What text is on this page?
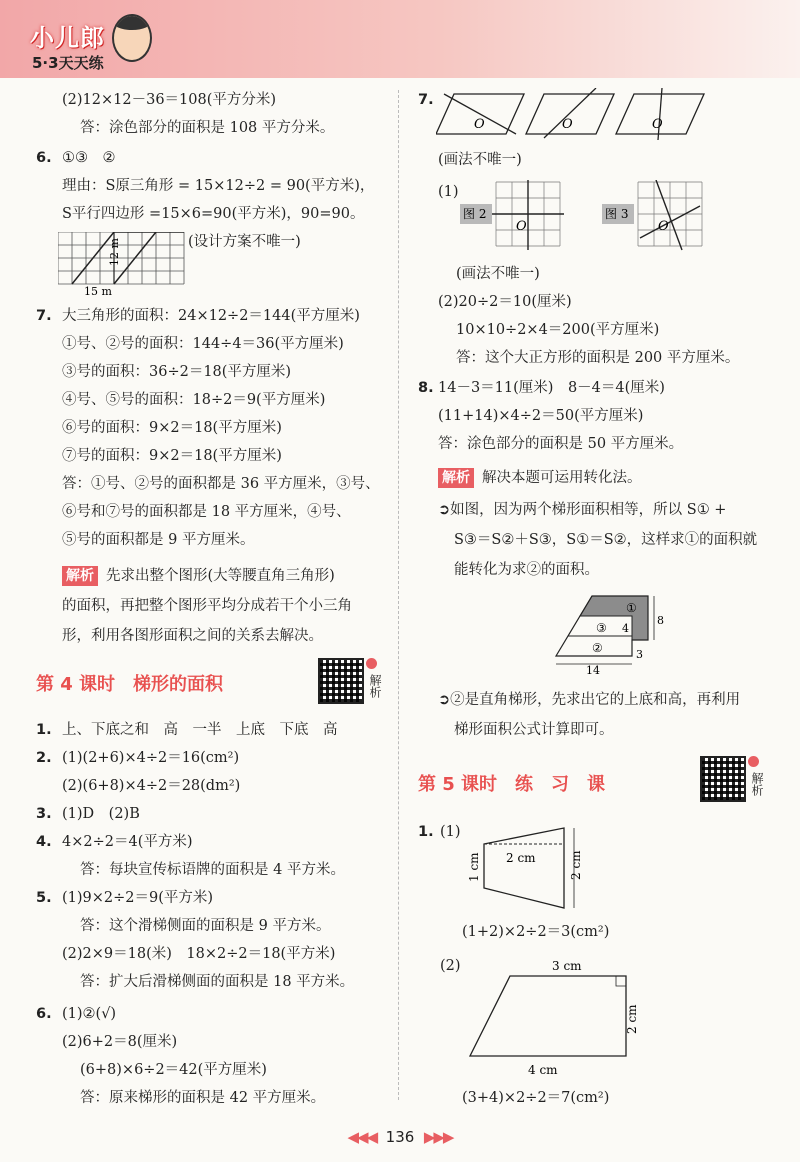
小儿郎
5·3天天练
(2)12×12－36＝108(平方分米)
答：涂色部分的面积是 108 平方分米。
6. ①③　②
理由：S原三角形 = 15×12÷2 = 90(平方米)，
S平行四边形 =15×6=90(平方米)，90=90。
12 m
15 m
(设计方案不唯一)
7. 大三角形的面积：24×12÷2＝144(平方厘米)
①号、②号的面积：144÷4＝36(平方厘米)
③号的面积：36÷2＝18(平方厘米)
④号、⑤号的面积：18÷2＝9(平方厘米)
⑥号的面积：9×2＝18(平方厘米)
⑦号的面积：9×2＝18(平方厘米)
答：①号、②号的面积都是 36 平方厘米，③号、
⑥号和⑦号的面积都是 18 平方厘米，④号、
⑤号的面积都是 9 平方厘米。
解析 先求出整个图形(大等腰直角三角形)
的面积，再把整个图形平均分成若干个小三角
形，利用各图形面积之间的关系去解决。
第 4 课时　梯形的面积	解析
1. 上、下底之和　高　一半　上底　下底　高
2. (1)(2+6)×4÷2＝16(cm²)
(2)(6+8)×4÷2＝28(dm²)
3. (1)D　(2)B
4. 4×2÷2＝4(平方米)
答：每块宣传标语牌的面积是 4 平方米。
5. (1)9×2÷2＝9(平方米)
答：这个滑梯侧面的面积是 9 平方米。
(2)2×9＝18(米)　18×2÷2＝18(平方米)
答：扩大后滑梯侧面的面积是 18 平方米。
6. (1)②(√)
(2)6+2＝8(厘米)
(6+8)×6÷2＝42(平方厘米)
答：原来梯形的面积是 42 平方厘米。
7.
O	O	O
(画法不唯一)
(1)
图 2	图 3
O	O
(画法不唯一)
(2)20÷2＝10(厘米)
10×10÷2×4＝200(平方厘米)
答：这个大正方形的面积是 200 平方厘米。
8. 14－3＝11(厘米)　8－4＝4(厘米)
(11+14)×4÷2＝50(平方厘米)
答：涂色部分的面积是 50 平方厘米。
解析 解决本题可运用转化法。
➲如图，因为两个梯形面积相等，所以 S① +
S③＝S②＋S③，S①＝S②，这样求①的面积就
能转化为求②的面积。
①
②
③ 4
8
14
3
➲②是直角梯形，先求出它的上底和高，再利用
梯形面积公式计算即可。
第 5 课时　练　习　课	解析
1. (1)
2 cm
1 cm	2 cm
(1+2)×2÷2＝3(cm²)
(2)	3 cm
2 cm
4 cm
(3+4)×2÷2＝7(cm²)
◀◀◀ 136 ▶▶▶
